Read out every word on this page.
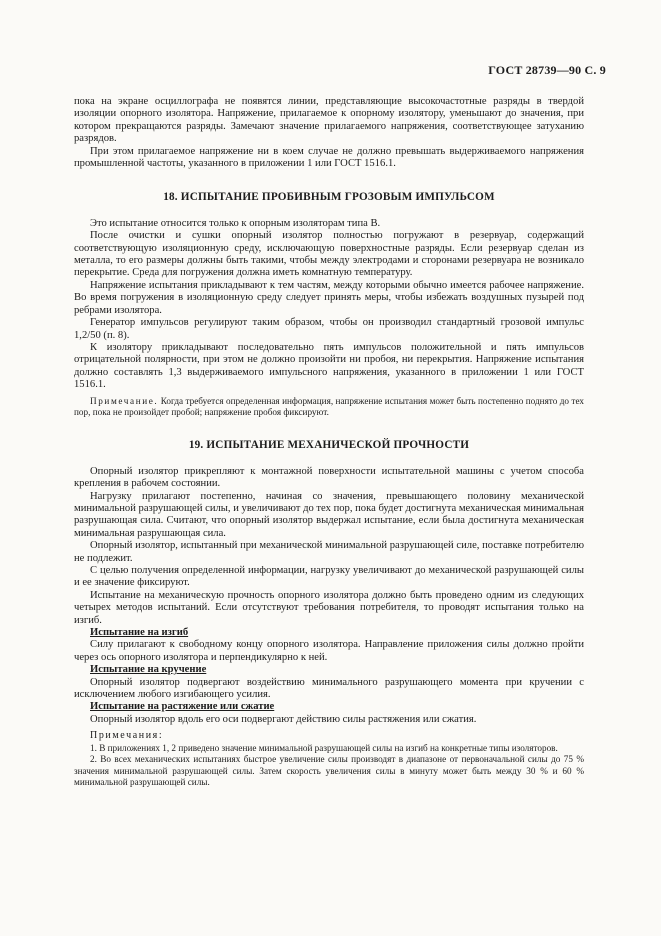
ГОСТ 28739—90 С. 9

пока на экране осциллографа не появятся линии, представляющие высокочастотные разряды в твердой изоляции опорного изолятора. Напряжение, прилагаемое к опорному изолятору, уменьшают до значения, при котором прекращаются разряды. Замечают значение прилагаемого напряжения, соответствующее затуханию разрядов.

При этом прилагаемое напряжение ни в коем случае не должно превышать выдерживаемого напряжения промышленной частоты, указанного в приложении 1 или ГОСТ 1516.1.

18. ИСПЫТАНИЕ ПРОБИВНЫМ ГРОЗОВЫМ ИМПУЛЬСОМ

Это испытание относится только к опорным изоляторам типа В.

После очистки и сушки опорный изолятор полностью погружают в резервуар, содержащий соответствующую изоляционную среду, исключающую поверхностные разряды. Если резервуар сделан из металла, то его размеры должны быть такими, чтобы между электродами и сторонами резервуара не возникало перекрытие. Среда для погружения должна иметь комнатную температуру.

Напряжение испытания прикладывают к тем частям, между которыми обычно имеется рабочее напряжение. Во время погружения в изоляционную среду следует принять меры, чтобы избежать воздушных пузырей под ребрами изолятора.

Генератор импульсов регулируют таким образом, чтобы он производил стандартный грозовой импульс 1,2/50 (п. 8).

К изолятору прикладывают последовательно пять импульсов положительной и пять импульсов отрицательной полярности, при этом не должно произойти ни пробоя, ни перекрытия. Напряжение испытания должно составлять 1,3 выдерживаемого импульсного напряжения, указанного в приложении 1 или ГОСТ 1516.1.

Примечание. Когда требуется определенная информация, напряжение испытания может быть постепенно поднято до тех пор, пока не произойдет пробой; напряжение пробоя фиксируют.

19. ИСПЫТАНИЕ МЕХАНИЧЕСКОЙ ПРОЧНОСТИ

Опорный изолятор прикрепляют к монтажной поверхности испытательной машины с учетом способа крепления в рабочем состоянии.

Нагрузку прилагают постепенно, начиная со значения, превышающего половину механической минимальной разрушающей силы, и увеличивают до тех пор, пока будет достигнута механическая минимальная разрушающая сила. Считают, что опорный изолятор выдержал испытание, если была достигнута механическая минимальная разрушающая сила.

Опорный изолятор, испытанный при механической минимальной разрушающей силе, поставке потребителю не подлежит.

С целью получения определенной информации, нагрузку увеличивают до механической разрушающей силы и ее значение фиксируют.

Испытание на механическую прочность опорного изолятора должно быть проведено одним из следующих четырех методов испытаний. Если отсутствуют требования потребителя, то проводят испытания только на изгиб.

Испытание на изгиб

Силу прилагают к свободному концу опорного изолятора. Направление приложения силы должно пройти через ось опорного изолятора и перпендикулярно к ней.

Испытание на кручение

Опорный изолятор подвергают воздействию минимального разрушающего момента при кручении с исключением любого изгибающего усилия.

Испытание на растяжение или сжатие

Опорный изолятор вдоль его оси подвергают действию силы растяжения или сжатия.

Примечания:

1. В приложениях 1, 2 приведено значение минимальной разрушающей силы на изгиб на конкретные типы изоляторов.

2. Во всех механических испытаниях быстрое увеличение силы производят в диапазоне от первоначальной силы до 75 % значения минимальной разрушающей силы. Затем скорость увеличения силы в минуту может быть между 30 % и 60 % минимальной разрушающей силы.
